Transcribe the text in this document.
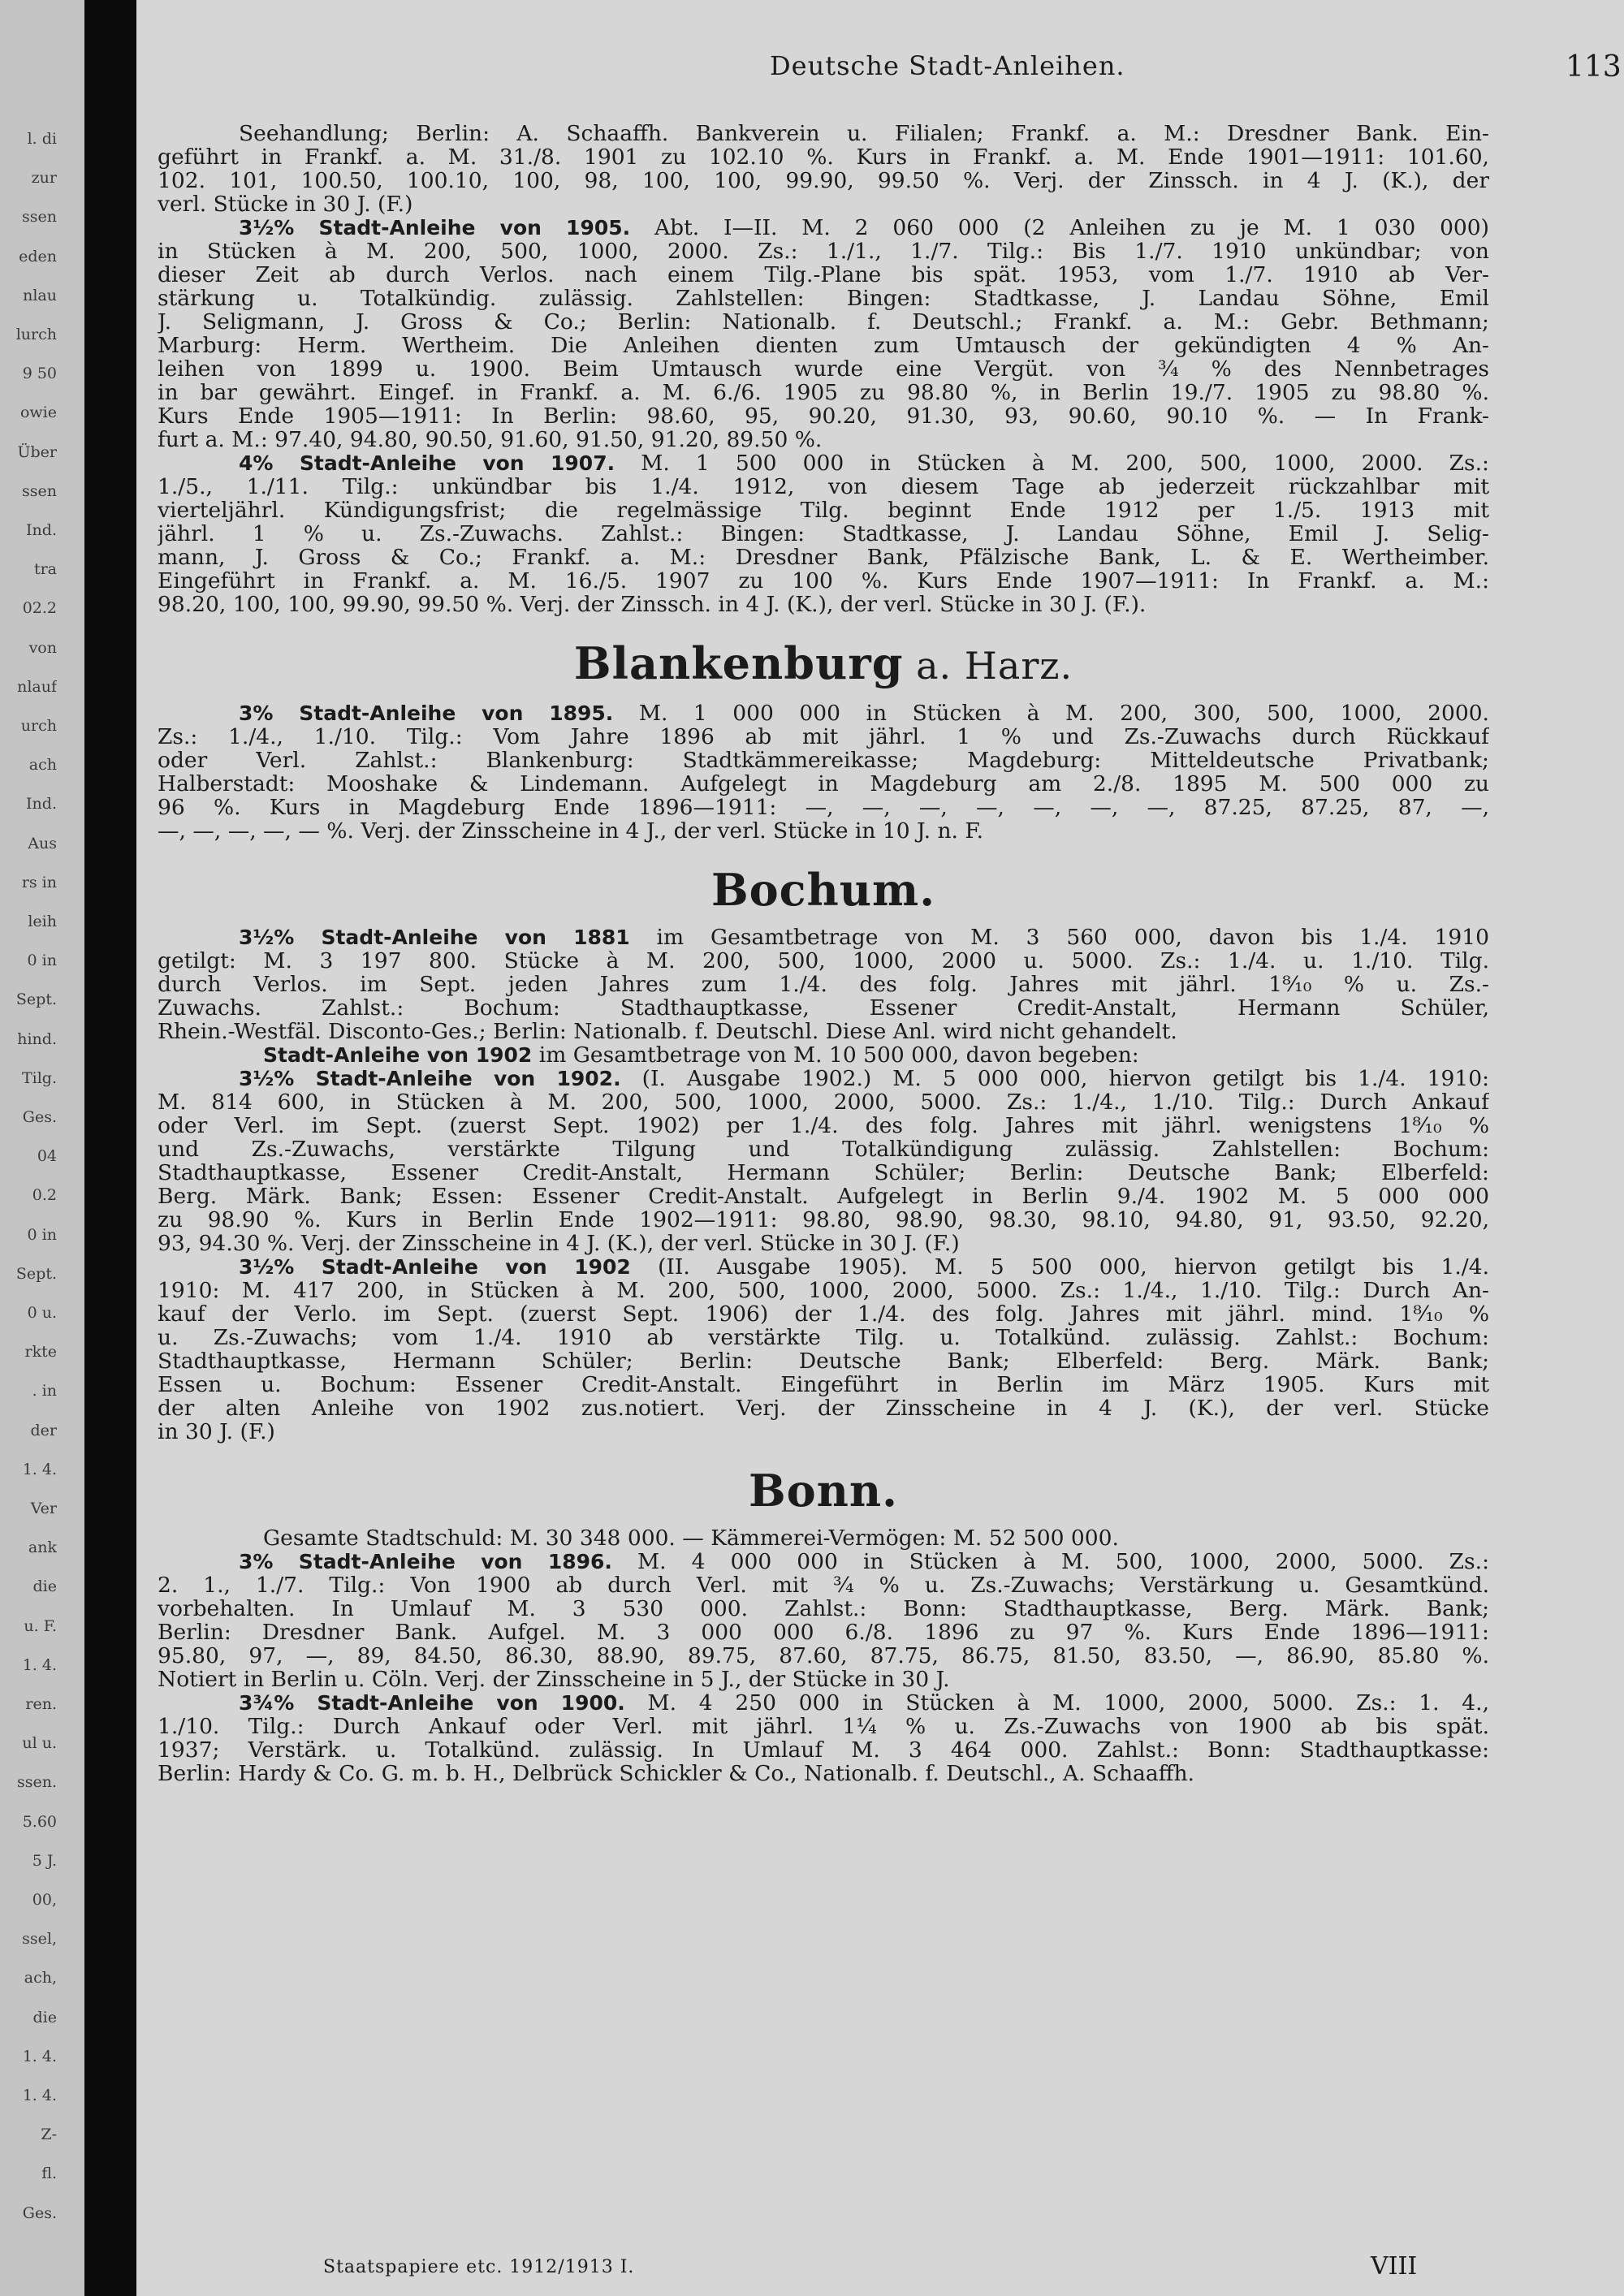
l. di
zur
ssen
eden
nlau
lurch
9 50
owie
Über
ssen
Ind.
tra
02.2
von
nlauf
urch
ach
Ind.
Aus
rs in
leih
0 in
Sept.
hind.
Tilg.
Ges.
04
0.2
0 in
Sept.
0 u.
rkte
. in
der
1. 4.
Ver
ank
die
u. F.
1. 4.
ren.
ul u.
ssen.
5.60
5 J.
00,
ssel,
ach,
die
1. 4.
1. 4.
Z-
fl.
Ges.
Deutsche Stadt-Anleihen.	113
Staatspapiere etc. 1912/1913 I.	VIII
Seehandlung; Berlin: A. Schaaffh. Bankverein u. Filialen; Frankf. a. M.: Dresdner Bank. Ein-
geführt in Frankf. a. M. 31./8. 1901 zu 102.10 %. Kurs in Frankf. a. M. Ende 1901—1911: 101.60,
102. 101, 100.50, 100.10, 100, 98, 100, 100, 99.90, 99.50 %. Verj. der Zinssch. in 4 J. (K.), der
verl. Stücke in 30 J. (F.)
3½% Stadt-Anleihe von 1905. Abt. I—II. M. 2 060 000 (2 Anleihen zu je M. 1 030 000)
in Stücken à M. 200, 500, 1000, 2000. Zs.: 1./1., 1./7. Tilg.: Bis 1./7. 1910 unkündbar; von
dieser Zeit ab durch Verlos. nach einem Tilg.-Plane bis spät. 1953, vom 1./7. 1910 ab Ver-
stärkung u. Totalkündig. zulässig. Zahlstellen: Bingen: Stadtkasse, J. Landau Söhne, Emil
J. Seligmann, J. Gross & Co.; Berlin: Nationalb. f. Deutschl.; Frankf. a. M.: Gebr. Bethmann;
Marburg: Herm. Wertheim. Die Anleihen dienten zum Umtausch der gekündigten 4 % An-
leihen von 1899 u. 1900. Beim Umtausch wurde eine Vergüt. von ¾ % des Nennbetrages
in bar gewährt. Eingef. in Frankf. a. M. 6./6. 1905 zu 98.80 %, in Berlin 19./7. 1905 zu 98.80 %.
Kurs Ende 1905—1911: In Berlin: 98.60, 95, 90.20, 91.30, 93, 90.60, 90.10 %. — In Frank-
furt a. M.: 97.40, 94.80, 90.50, 91.60, 91.50, 91.20, 89.50 %.
4% Stadt-Anleihe von 1907. M. 1 500 000 in Stücken à M. 200, 500, 1000, 2000. Zs.:
1./5., 1./11. Tilg.: unkündbar bis 1./4. 1912, von diesem Tage ab jederzeit rückzahlbar mit
vierteljährl. Kündigungsfrist; die regelmässige Tilg. beginnt Ende 1912 per 1./5. 1913 mit
jährl. 1 % u. Zs.-Zuwachs. Zahlst.: Bingen: Stadtkasse, J. Landau Söhne, Emil J. Selig-
mann, J. Gross & Co.; Frankf. a. M.: Dresdner Bank, Pfälzische Bank, L. & E. Wertheimber.
Eingeführt in Frankf. a. M. 16./5. 1907 zu 100 %. Kurs Ende 1907—1911: In Frankf. a. M.:
98.20, 100, 100, 99.90, 99.50 %. Verj. der Zinssch. in 4 J. (K.), der verl. Stücke in 30 J. (F.).
Blankenburg a. Harz.
3% Stadt-Anleihe von 1895. M. 1 000 000 in Stücken à M. 200, 300, 500, 1000, 2000.
Zs.: 1./4., 1./10. Tilg.: Vom Jahre 1896 ab mit jährl. 1 % und Zs.-Zuwachs durch Rückkauf
oder Verl. Zahlst.: Blankenburg: Stadtkämmereikasse; Magdeburg: Mitteldeutsche Privatbank;
Halberstadt: Mooshake & Lindemann. Aufgelegt in Magdeburg am 2./8. 1895 M. 500 000 zu
96 %. Kurs in Magdeburg Ende 1896—1911: —, —, —, —, —, —, —, 87.25, 87.25, 87, —,
—, —, —, —, — %. Verj. der Zinsscheine in 4 J., der verl. Stücke in 10 J. n. F.
Bochum.
3½% Stadt-Anleihe von 1881 im Gesamtbetrage von M. 3 560 000, davon bis 1./4. 1910
getilgt: M. 3 197 800. Stücke à M. 200, 500, 1000, 2000 u. 5000. Zs.: 1./4. u. 1./10. Tilg.
durch Verlos. im Sept. jeden Jahres zum 1./4. des folg. Jahres mit jährl. 1⁸⁄₁₀ % u. Zs.-
Zuwachs. Zahlst.: Bochum: Stadthauptkasse, Essener Credit-Anstalt, Hermann Schüler,
Rhein.-Westfäl. Disconto-Ges.; Berlin: Nationalb. f. Deutschl. Diese Anl. wird nicht gehandelt.
Stadt-Anleihe von 1902 im Gesamtbetrage von M. 10 500 000, davon begeben:
3½% Stadt-Anleihe von 1902. (I. Ausgabe 1902.) M. 5 000 000, hiervon getilgt bis 1./4. 1910:
M. 814 600, in Stücken à M. 200, 500, 1000, 2000, 5000. Zs.: 1./4., 1./10. Tilg.: Durch Ankauf
oder Verl. im Sept. (zuerst Sept. 1902) per 1./4. des folg. Jahres mit jährl. wenigstens 1⁸⁄₁₀ %
und Zs.-Zuwachs, verstärkte Tilgung und Totalkündigung zulässig. Zahlstellen: Bochum:
Stadthauptkasse, Essener Credit-Anstalt, Hermann Schüler; Berlin: Deutsche Bank; Elberfeld:
Berg. Märk. Bank; Essen: Essener Credit-Anstalt. Aufgelegt in Berlin 9./4. 1902 M. 5 000 000
zu 98.90 %. Kurs in Berlin Ende 1902—1911: 98.80, 98.90, 98.30, 98.10, 94.80, 91, 93.50, 92.20,
93, 94.30 %. Verj. der Zinsscheine in 4 J. (K.), der verl. Stücke in 30 J. (F.)
3½% Stadt-Anleihe von 1902 (II. Ausgabe 1905). M. 5 500 000, hiervon getilgt bis 1./4.
1910: M. 417 200, in Stücken à M. 200, 500, 1000, 2000, 5000. Zs.: 1./4., 1./10. Tilg.: Durch An-
kauf der Verlo. im Sept. (zuerst Sept. 1906) der 1./4. des folg. Jahres mit jährl. mind. 1⁸⁄₁₀ %
u. Zs.-Zuwachs; vom 1./4. 1910 ab verstärkte Tilg. u. Totalkünd. zulässig. Zahlst.: Bochum:
Stadthauptkasse, Hermann Schüler; Berlin: Deutsche Bank; Elberfeld: Berg. Märk. Bank;
Essen u. Bochum: Essener Credit-Anstalt. Eingeführt in Berlin im März 1905. Kurs mit
der alten Anleihe von 1902 zus.notiert. Verj. der Zinsscheine in 4 J. (K.), der verl. Stücke
in 30 J. (F.)
Bonn.
Gesamte Stadtschuld: M. 30 348 000. — Kämmerei-Vermögen: M. 52 500 000.
3% Stadt-Anleihe von 1896. M. 4 000 000 in Stücken à M. 500, 1000, 2000, 5000. Zs.:
2. 1., 1./7. Tilg.: Von 1900 ab durch Verl. mit ¾ % u. Zs.-Zuwachs; Verstärkung u. Gesamtkünd.
vorbehalten. In Umlauf M. 3 530 000. Zahlst.: Bonn: Stadthauptkasse, Berg. Märk. Bank;
Berlin: Dresdner Bank. Aufgel. M. 3 000 000 6./8. 1896 zu 97 %. Kurs Ende 1896—1911:
95.80, 97, —, 89, 84.50, 86.30, 88.90, 89.75, 87.60, 87.75, 86.75, 81.50, 83.50, —, 86.90, 85.80 %.
Notiert in Berlin u. Cöln. Verj. der Zinsscheine in 5 J., der Stücke in 30 J.
3¾% Stadt-Anleihe von 1900. M. 4 250 000 in Stücken à M. 1000, 2000, 5000. Zs.: 1. 4.,
1./10. Tilg.: Durch Ankauf oder Verl. mit jährl. 1¼ % u. Zs.-Zuwachs von 1900 ab bis spät.
1937; Verstärk. u. Totalkünd. zulässig. In Umlauf M. 3 464 000. Zahlst.: Bonn: Stadthauptkasse:
Berlin: Hardy & Co. G. m. b. H., Delbrück Schickler & Co., Nationalb. f. Deutschl., A. Schaaffh.
